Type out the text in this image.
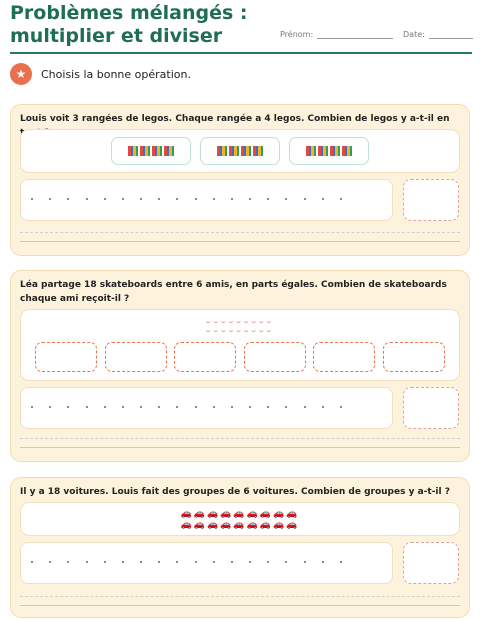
Problèmes mélangés :
multiplier et diviser	Prénom:	Date:
★	Choisis la bonne opération.
Louis voit 3 rangées de legos. Chaque rangée a 4 legos. Combien de legos y a-t-il en
Léa partage 18 skateboards entre 6 amis, en parts égales. Combien de skateboards chaque ami reçoit-il ?
⌣⌣⌣⌣⌣⌣⌣⌣⌣
⌣⌣⌣⌣⌣⌣⌣⌣⌣
Il y a 18 voitures. Louis fait des groupes de 6 voitures. Combien de groupes y a-t-il ?
🚗🚗🚗🚗🚗🚗🚗🚗🚗
🚗🚗🚗🚗🚗🚗🚗🚗🚗
